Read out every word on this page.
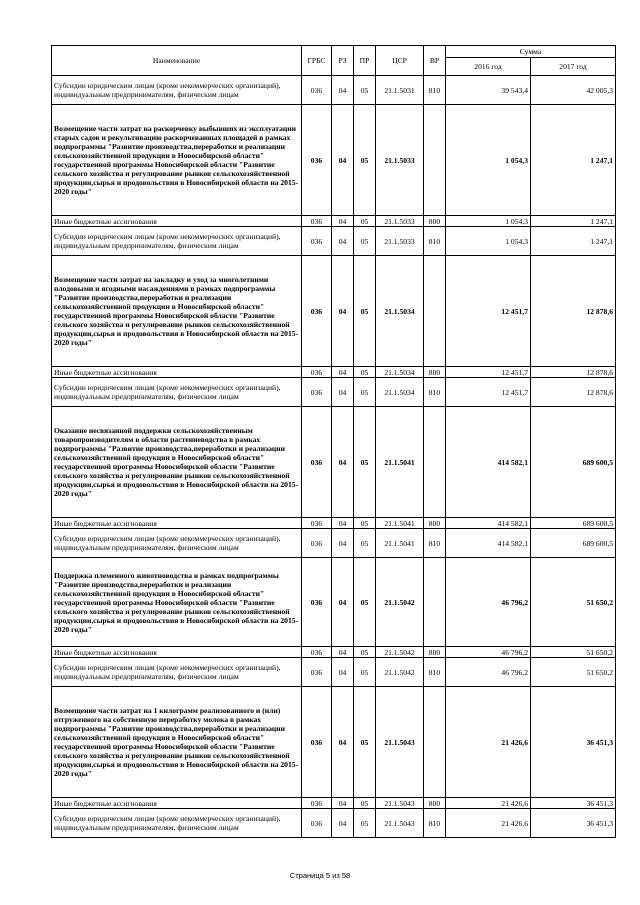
Наименование	ГРБС	РЗ	ПР	ЦСР	ВР	Сумма	
						2016 год	2017 год
Субсидии юридическим лицам (кроме некоммерческих организаций), индивидуальным предпринимателям, физическим лицам	036	04	05	21.1.5031	810	39 543,4	42 005,3
Возмещение части затрат на раскорчевку выбывших из эксплуатации старых садов и рекультивацию раскорчеванных площадей в рамках подпрограммы "Развитие производства,переработки и реализации сельскохозяйственной продукции в Новосибирской области" государственной программы Новосибирской области "Развитие сельского хозяйства и регулирование рынков сельскохозяйственной продукции,сырья и продовольствия в Новосибирской области на 2015-2020 годы"	036	04	05	21.1.5033		1 054,3	1 247,1
Иные бюджетные ассигнования	036	04	05	21.1.5033	800	1 054,3	1 247,1
Субсидии юридическим лицам (кроме некоммерческих организаций), индивидуальным предпринимателям, физическим лицам	036	04	05	21.1.5033	810	1 054,3	1 247,1
Возмещение части затрат на закладку и уход за многолетними плодовыми и ягодными насаждениями в рамках подпрограммы "Развитие производства,переработки и реализации сельскохозяйственной продукции в Новосибирской области" государственной программы Новосибирской области "Развитие сельского хозяйства и регулирование рынков сельскохозяйственной продукции,сырья и продовольствия в Новосибирской области на 2015-2020 годы"	036	04	05	21.1.5034		12 451,7	12 878,6
Иные бюджетные ассигнования	036	04	05	21.1.5034	800	12 451,7	12 878,6
Субсидии юридическим лицам (кроме некоммерческих организаций), индивидуальным предпринимателям, физическим лицам	036	04	05	21.1.5034	810	12 451,7	12 878,6
Оказание несвязанной поддержки сельскохозяйственным товаропроизводителям в области растениеводства в рамках подпрограммы "Развитие производства,переработки и реализации сельскохозяйственной продукции в Новосибирской области" государственной программы Новосибирской области "Развитие сельского хозяйства и регулирование рынков сельскохозяйственной продукции,сырья и продовольствия в Новосибирской области на 2015-2020 годы"	036	04	05	21.1.5041		414 582,1	689 600,5
Иные бюджетные ассигнования	036	04	05	21.1.5041	800	414 582,1	689 600,5
Субсидии юридическим лицам (кроме некоммерческих организаций), индивидуальным предпринимателям, физическим лицам	036	04	05	21.1.5041	810	414 582,1	689 600,5
Поддержка племенного животноводства в рамках подпрограммы "Развитие производства,переработки и реализации сельскохозяйственной продукции в Новосибирской области" государственной программы Новосибирской области "Развитие сельского хозяйства и регулирование рынков сельскохозяйственной продукции,сырья и продовольствия в Новосибирской области на 2015-2020 годы"	036	04	05	21.1.5042		46 796,2	51 650,2
Иные бюджетные ассигнования	036	04	05	21.1.5042	800	46 796,2	51 650,2
Субсидии юридическим лицам (кроме некоммерческих организаций), индивидуальным предпринимателям, физическим лицам	036	04	05	21.1.5042	810	46 796,2	51 650,2
Возмещение части затрат на 1 килограмм реализованного и (или) отгруженного на собственную переработку молока в рамках подпрограммы "Развитие производства,переработки и реализации сельскохозяйственной продукции в Новосибирской области" государственной программы Новосибирской области "Развитие сельского хозяйства и регулирование рынков сельскохозяйственной продукции,сырья и продовольствия в Новосибирской области на 2015-2020 годы"	036	04	05	21.1.5043		21 426,6	36 451,3
Иные бюджетные ассигнования	036	04	05	21.1.5043	800	21 426,6	36 451,3
Субсидии юридическим лицам (кроме некоммерческих организаций), индивидуальным предпринимателям, физическим лицам	036	04	05	21.1.5043	810	21 426,6	36 451,3
Страница 5 из 58
